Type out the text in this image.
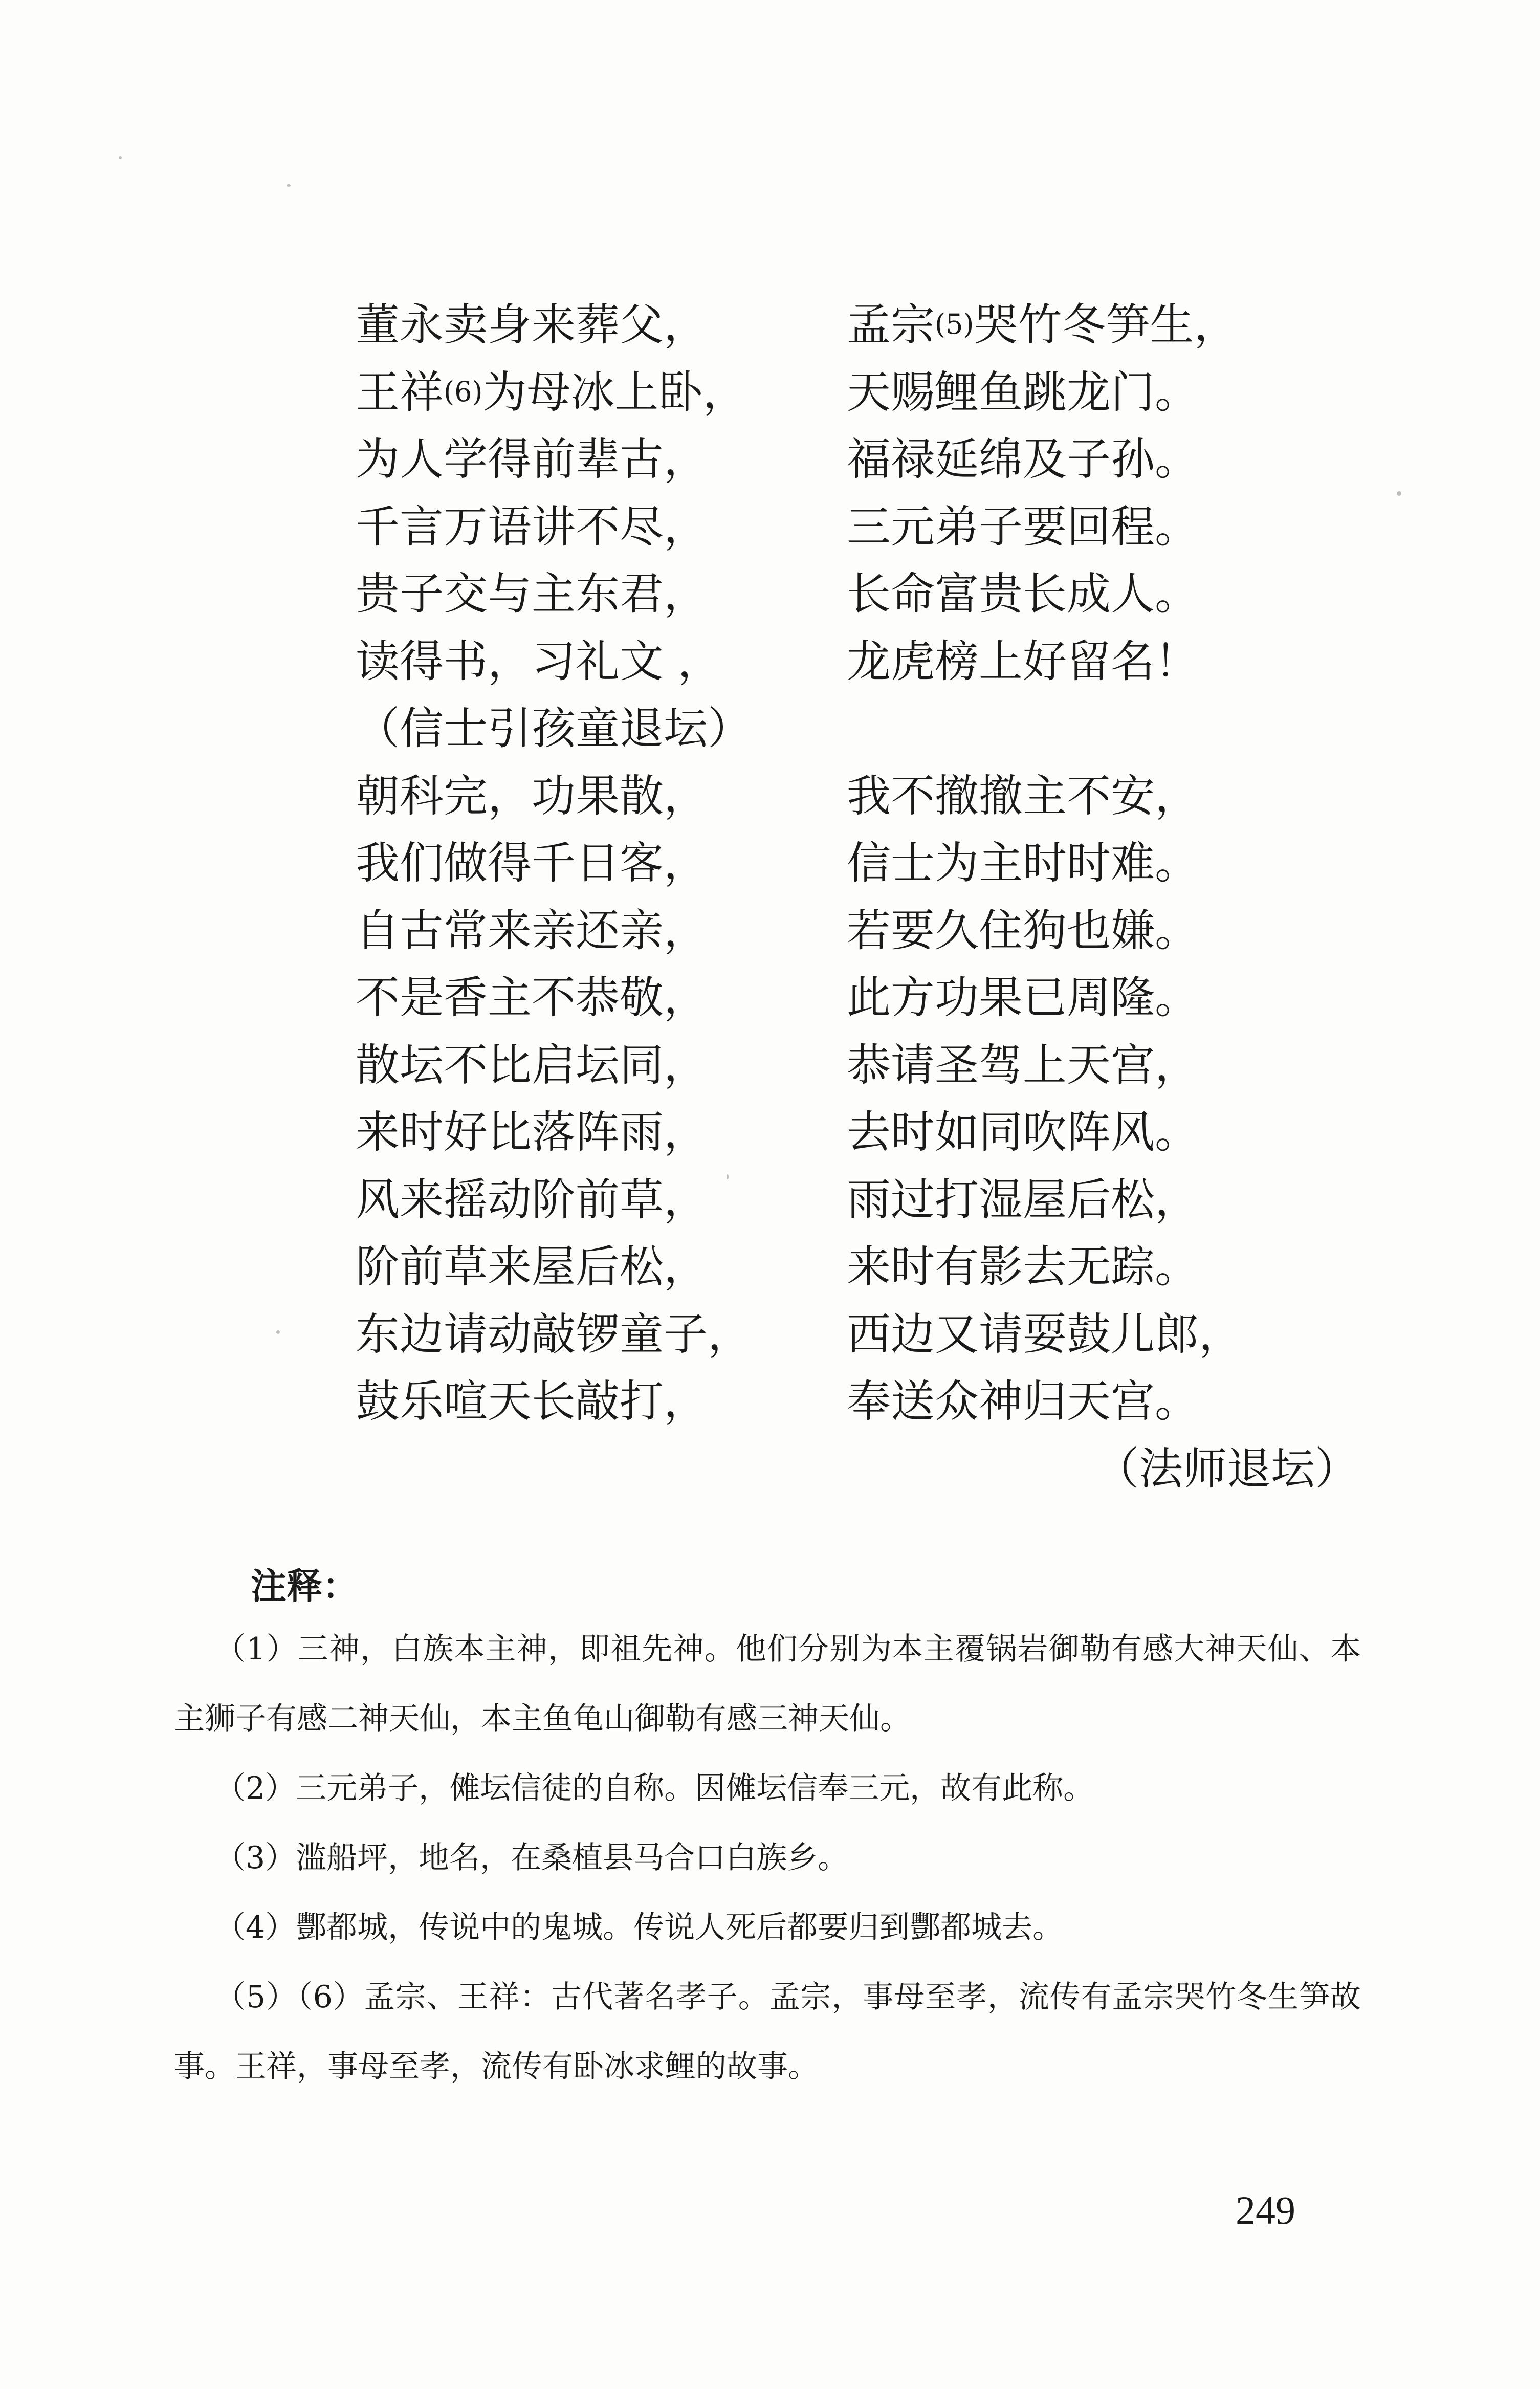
董永卖身来葬父，	孟宗$^{(5)}$哭竹冬笋生，
王祥$^{(6)}$为母冰上卧， 天赐鲤鱼跳龙门。
为人学得前辈古，	福禄延绵及子孙。
千言万语讲不尽，	三元弟子要回程。
贵子交与主东君，	长命富贵长成人。
读得书，习礼文 ，	龙虎榜上好留名！
（信士引孩童退坛）
朝科完，功果散，	我不撤撤主不安，
我们做得千日客，	信士为主时时难。
自古常来亲还亲，	若要久住狗也嫌。
不是香主不恭敬，	此方功果已周隆。
散坛不比启坛同，	恭请圣驾上天宫，
来时好比落阵雨，	去时如同吹阵风。
风来摇动阶前草，	雨过打湿屋后松，
阶前草来屋后松，	来时有影去无踪。
东边请动敲锣童子， 西边又请耍鼓儿郎，
鼓乐喧天长敲打，	奉送众神归天宫。
（法师退坛）
注释：

（1）三神，白族本主神，即祖先神。他们分别为本主覆锅岩御勒有感大神天仙、本主狮子有感二神天仙，本主鱼龟山御勒有感三神天仙。

（2）三元弟子，傩坛信徒的自称。因傩坛信奉三元，故有此称。

（3）滥船坪，地名，在桑植县马合口白族乡。

（4）酆都城，传说中的鬼城。传说人死后都要归到酆都城去。

（5）（6）孟宗、王祥：古代著名孝子。孟宗，事母至孝，流传有孟宗哭竹冬生笋故事。王祥，事母至孝，流传有卧冰求鲤的故事。

249
